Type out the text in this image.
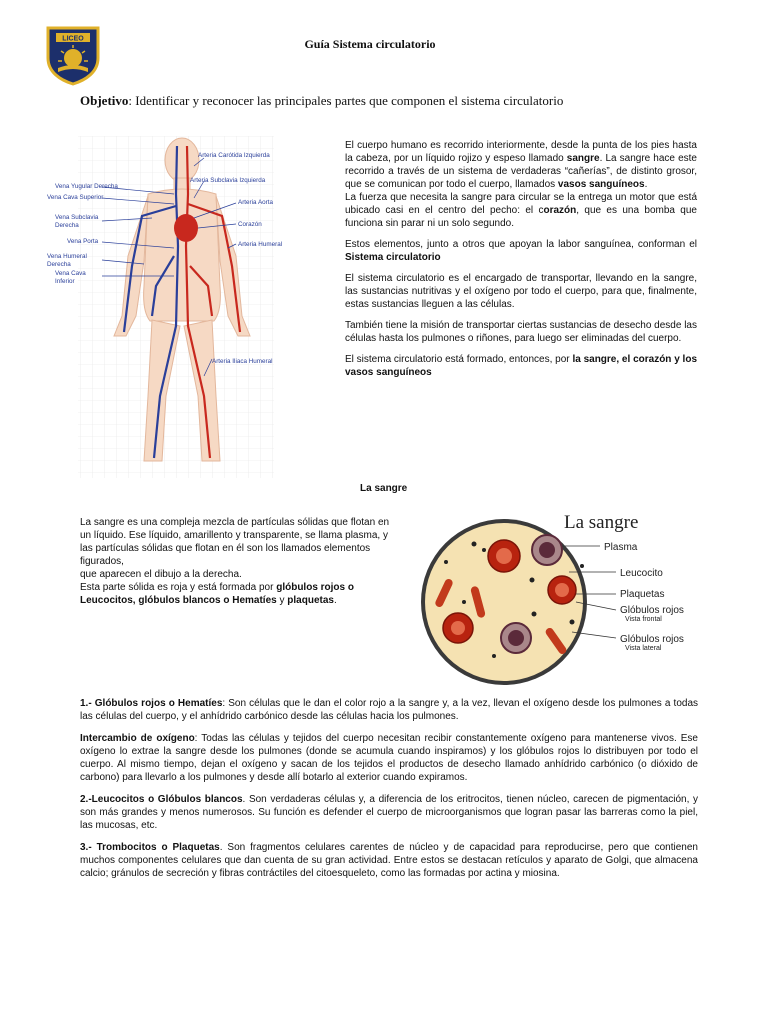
LICEO	Guía Sistema circulatorio
Objetivo: Identificar y reconocer las principales partes que componen el sistema circulatorio
Vena Yugular Derecha
Vena Cava Superior
Vena Subclavia
Derecha
Vena Porta
Vena Humeral
Derecha
Vena Cava
Inferior
Arteria Carótida Izquierda
Arteria Subclavia Izquierda
Arteria Aorta
Corazón
Arteria Humeral
Arteria Iliaca Humeral

El cuerpo humano es recorrido interiormente, desde la punta de los pies hasta la cabeza, por un líquido rojizo y espeso llamado sangre. La sangre hace este recorrido a través de un sistema de verdaderas “cañerías”, de distinto grosor, que se comunican por todo el cuerpo, llamados vasos sanguíneos.
La fuerza que necesita la sangre para circular se la entrega un motor que está ubicado casi en el centro del pecho: el corazón, que es una bomba que funciona sin parar ni un solo segundo.

Estos elementos, junto a otros que apoyan la labor sanguínea, conforman el Sistema circulatorio

El sistema circulatorio es el encargado de transportar, llevando en la sangre, las sustancias nutritivas y el oxígeno por todo el cuerpo, para que, finalmente, estas sustancias lleguen a las células.

También tiene la misión de transportar ciertas sustancias de desecho desde las células hasta los pulmones o riñones, para luego ser eliminadas del cuerpo.

El sistema circulatorio está formado, entonces, por la sangre, el corazón y los vasos sanguíneos

La sangre

La sangre es una compleja mezcla de partículas sólidas que flotan en un líquido. Ese líquido, amarillento y transparente, se llama plasma, y las partículas sólidas que flotan en él son los llamados elementos figurados,
que aparecen el dibujo a la derecha.
Esta parte sólida es roja y está formada por glóbulos rojos o Leucocitos, glóbulos blancos o Hematíes y plaquetas.

La sangre
Plasma
Leucocito
Plaquetas
Glóbulos rojos
Vista frontal
Glóbulos rojos
Vista lateral

1.- Glóbulos rojos o Hematíes: Son células que le dan el color rojo a la sangre y, a la vez, llevan el oxígeno desde los pulmones a todas las células del cuerpo, y el anhídrido carbónico desde las células hacia los pulmones.

Intercambio de oxígeno: Todas las células y tejidos del cuerpo necesitan recibir constantemente oxígeno para mantenerse vivos. Ese oxígeno lo extrae la sangre desde los pulmones (donde se acumula cuando inspiramos) y los glóbulos rojos lo distribuyen por todo el cuerpo. Al mismo tiempo, dejan el oxígeno y sacan de los tejidos el productos de desecho llamado anhídrido carbónico (o dióxido de carbono) para llevarlo a los pulmones y desde allí botarlo al exterior cuando expiramos.

2.-Leucocitos o Glóbulos blancos. Son verdaderas células y, a diferencia de los eritrocitos, tienen núcleo, carecen de pigmentación, y son más grandes y menos numerosos. Su función es defender el cuerpo de microorganismos que logran pasar las barreras como la piel, las mucosas, etc.

3.- Trombocitos o Plaquetas. Son fragmentos celulares carentes de núcleo y de capacidad para reproducirse, pero que contienen muchos componentes celulares que dan cuenta de su gran actividad. Entre estos se destacan retículos y aparato de Golgi, que almacena calcio; gránulos de secreción y fibras contráctiles del citoesqueleto, como las formadas por actina y miosina.
